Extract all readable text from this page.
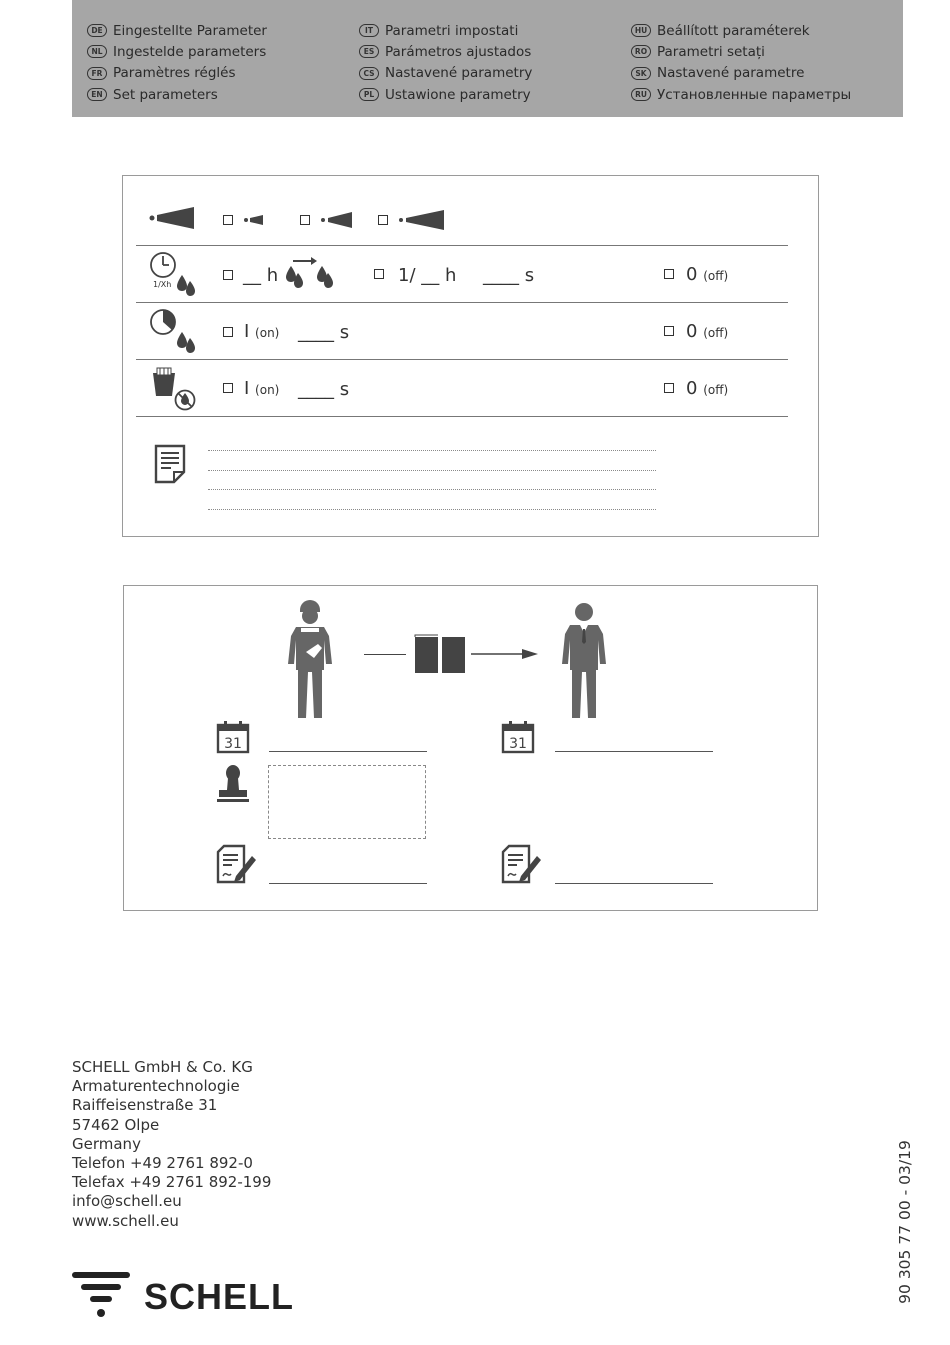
DE Eingestellte Parameter
NL Ingestelde parameters
FR Paramètres réglés
EN Set parameters
IT Parametri impostati
ES Parámetros ajustados
CS Nastavené parametry
PL Ustawione parametry
HU Beállított paraméterek
RO Parametri setați
SK Nastavené parametre
RU Установленные параметры
1/Xh	__ h	1/ __ h ____ s	0 (off)
I (on) ____ s	0 (off)
I (on) ____ s	0 (off)
31	31
SCHELL GmbH & Co. KG
Armaturentechnologie
Raiffeisenstraße 31
57462 Olpe
Germany
Telefon +49 2761 892-0
Telefax +49 2761 892-199
info@schell.eu
www.schell.eu	90 305 77 00 - 03/19
SCHELL
